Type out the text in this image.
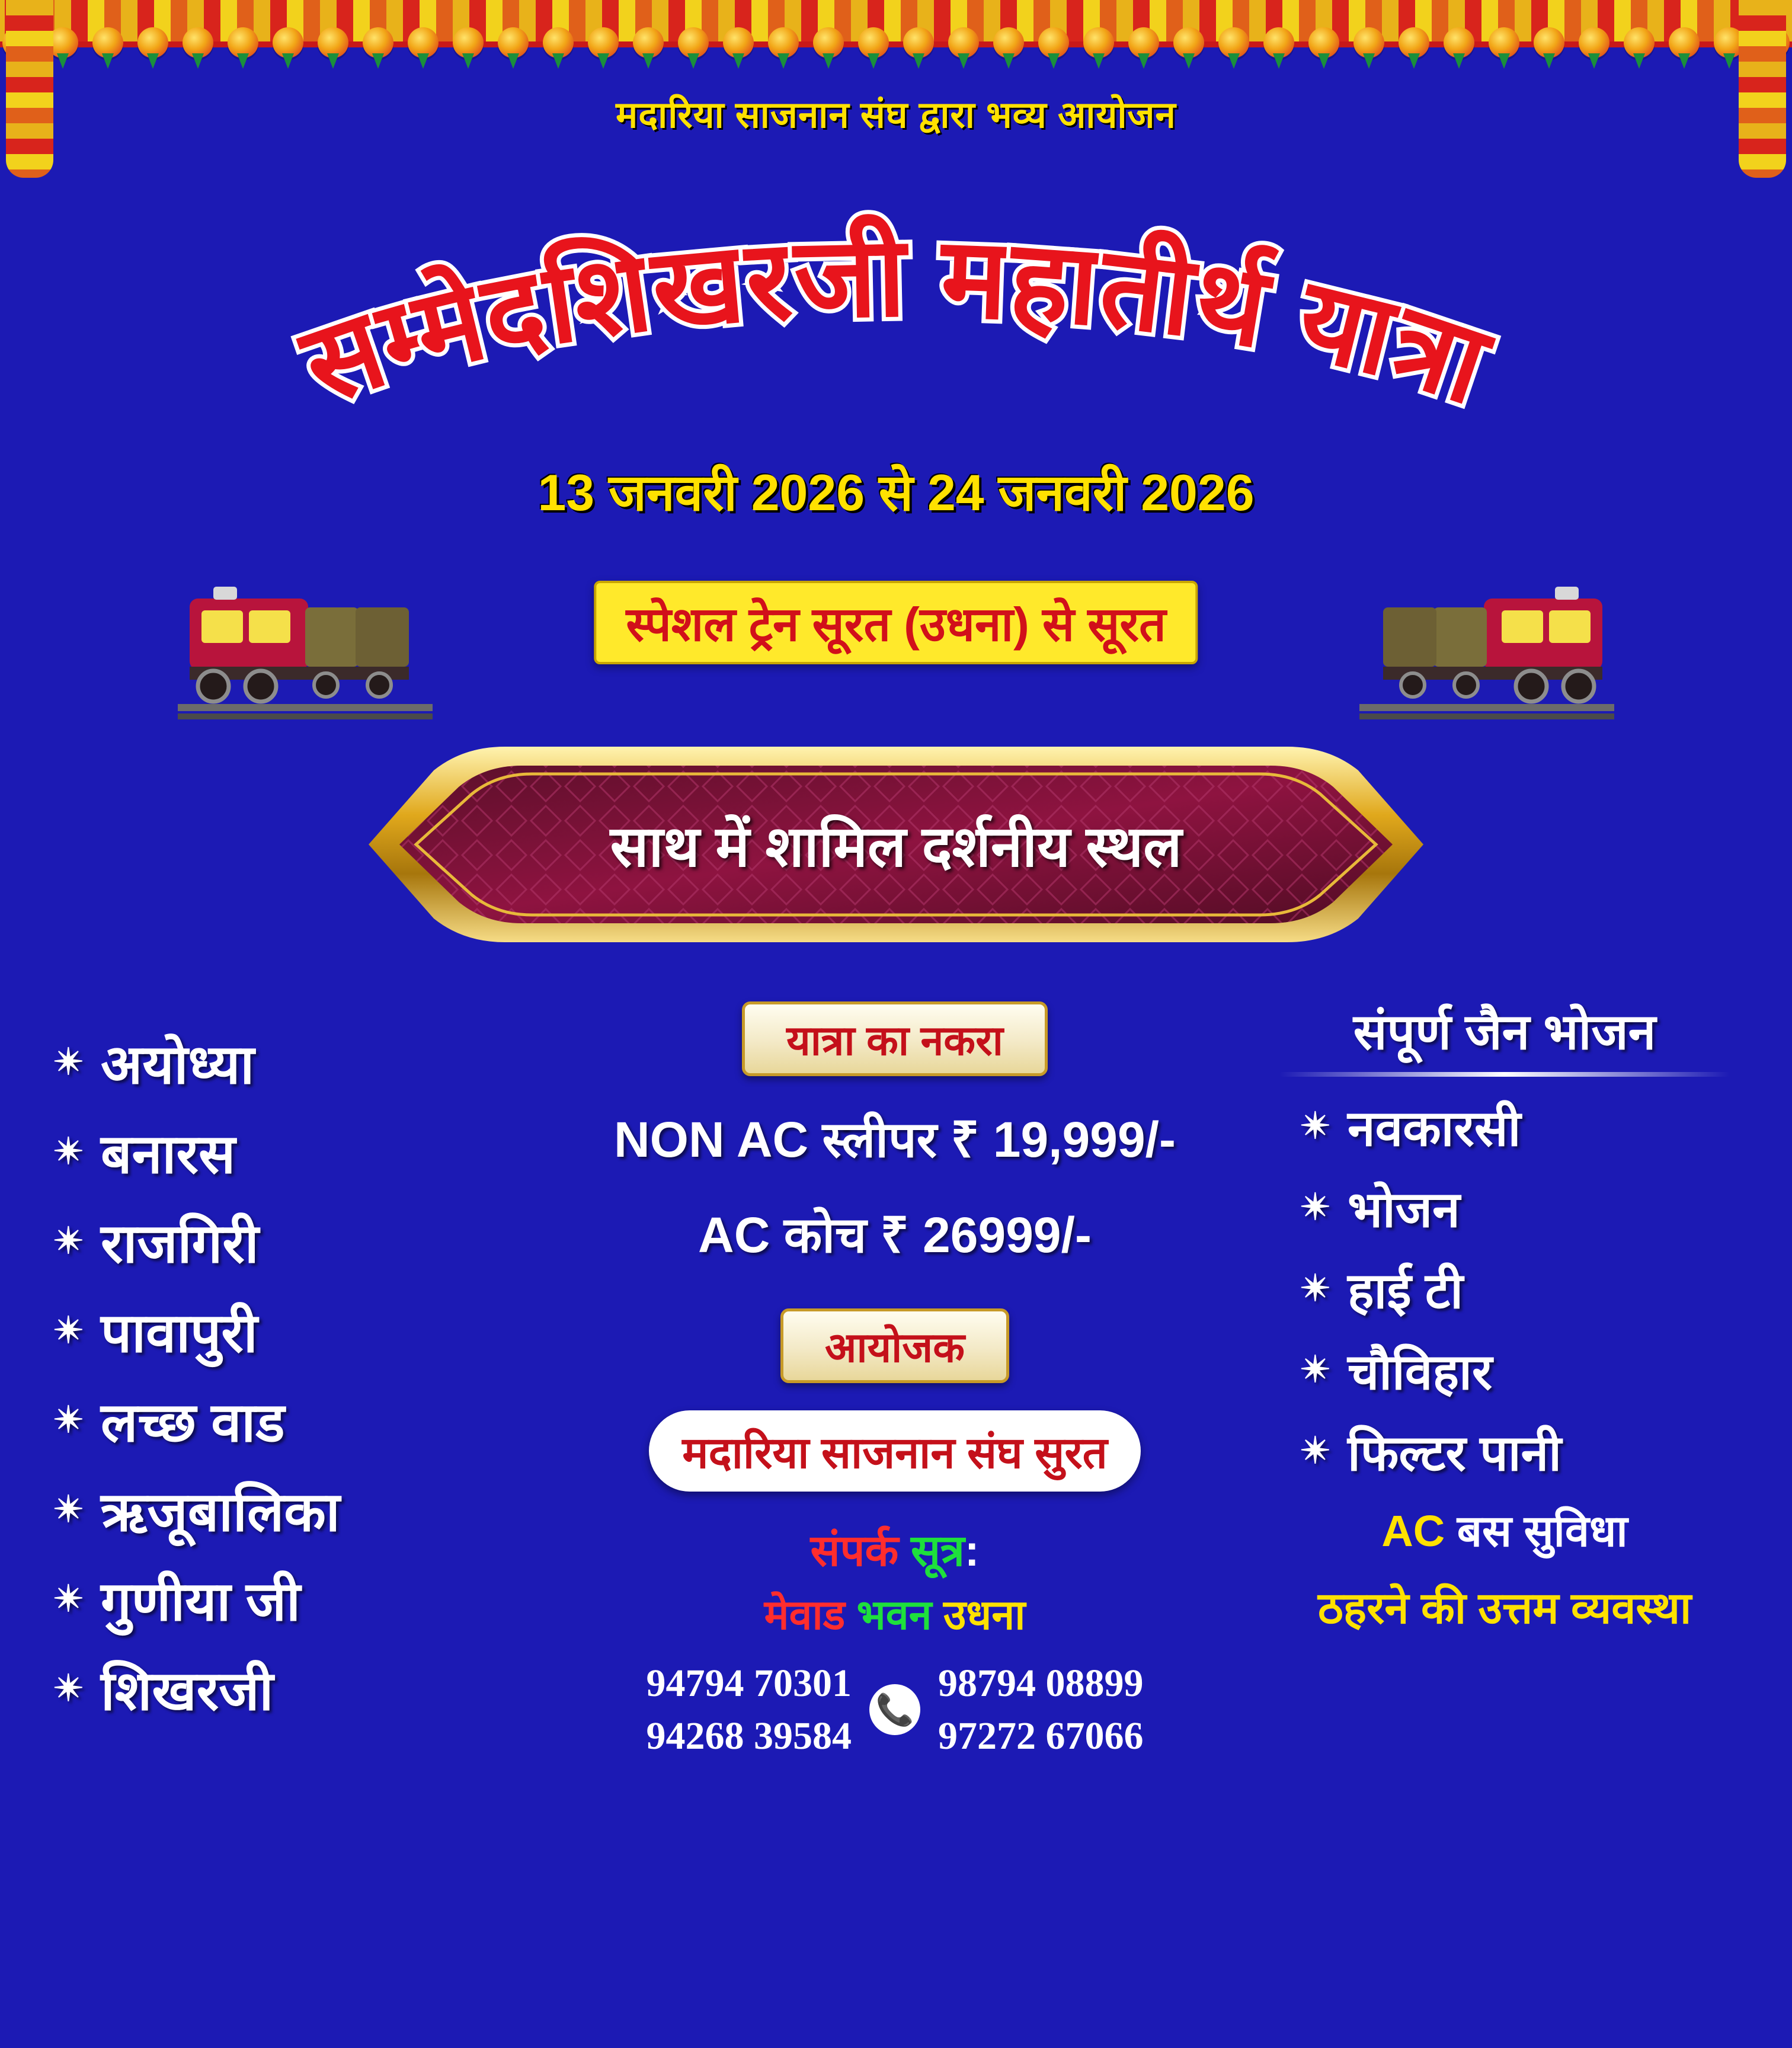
मदारिया साजनान संघ द्वारा भव्य आयोजन
सम्मेदशिखरजी महातीर्थ यात्रा
13 जनवरी 2026 से 24 जनवरी 2026
स्पेशल ट्रेन सूरत (उधना) से सूरत
साथ में शामिल दर्शनीय स्थल
✴ अयोध्या
✴ बनारस
✴ राजगिरी
✴ पावापुरी
✴ लच्छ वाड
✴ ऋजूबालिका
✴ गुणीया जी
✴ शिखरजी
यात्रा का नकरा
NON AC स्लीपर ₹ 19,999/-
AC कोच ₹ 26999/-
आयोजक
मदारिया साजनान संघ सुरत
संपर्क सूत्र:
मेवाड भवन उधना
94794 70301
94268 39584
📞
98794 08899
97272 67066
संपूर्ण जैन भोजन
✴ नवकारसी
✴ भोजन
✴ हाई टी
✴ चौविहार
✴ फिल्टर पानी
AC बस सुविधा
ठहरने की उत्तम व्यवस्था
